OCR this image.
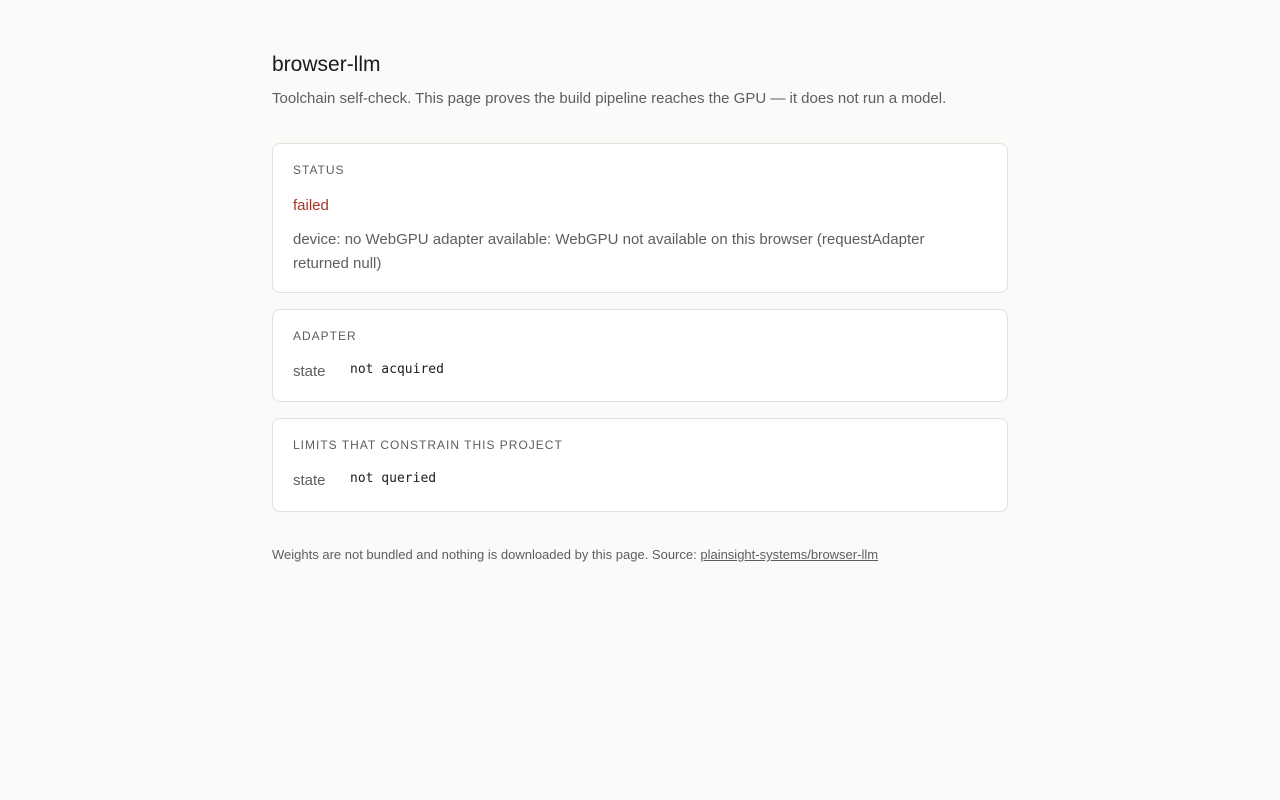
browser-llm

Toolchain self-check. This page proves the build pipeline reaches the GPU — it does not run a model.

STATUS
failed
device: no WebGPU adapter available: WebGPU not available on this browser (requestAdapter returned null)
ADAPTER
state	not acquired
LIMITS THAT CONSTRAIN THIS PROJECT
state	not queried
Weights are not bundled and nothing is downloaded by this page. Source: plainsight-systems/browser-llm
